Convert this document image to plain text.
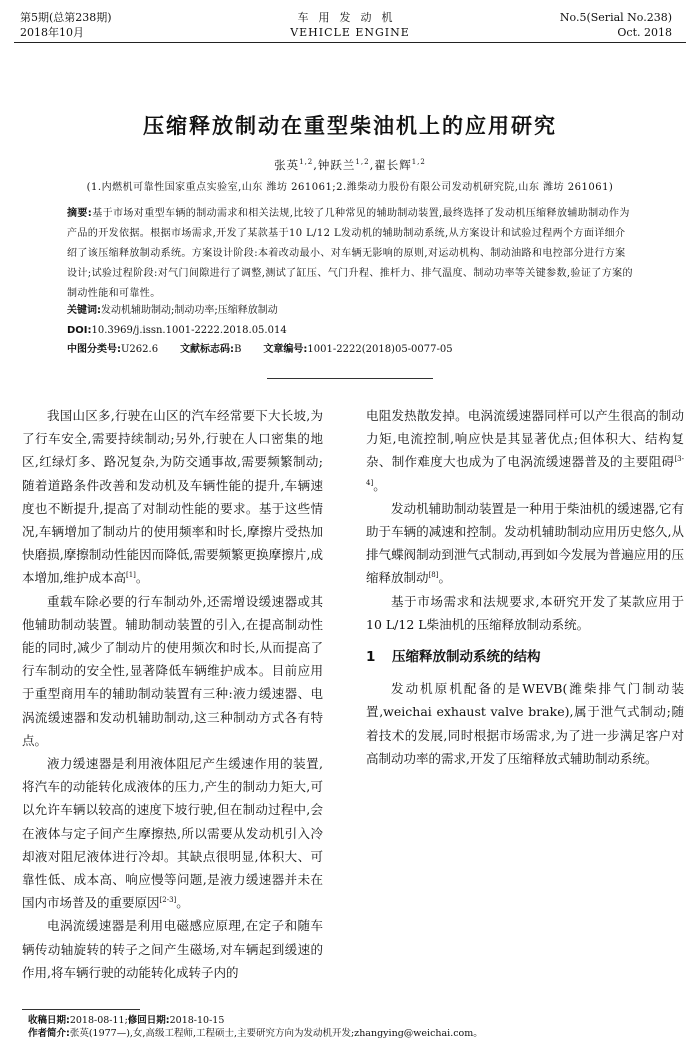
第5期(总第238期)
2018年10月
车用发动机
VEHICLE ENGINE
No.5(Serial No.238)
Oct. 2018
压缩释放制动在重型柴油机上的应用研究
张英$^{1,2}$,钟跃兰$^{1,2}$,翟长辉$^{1,2}$
(1.内燃机可靠性国家重点实验室,山东 潍坊 261061;2.潍柴动力股份有限公司发动机研究院,山东 潍坊 261061)
摘要:基于市场对重型车辆的制动需求和相关法规,比较了几种常见的辅助制动装置,最终选择了发动机压缩释放辅助制动作为产品的开发依据。根据市场需求,开发了某款基于10 L/12 L发动机的辅助制动系统,从方案设计和试验过程两个方面详细介绍了该压缩释放制动系统。方案设计阶段:本着改动最小、对车辆无影响的原则,对运动机构、制动油路和电控部分进行方案设计;试验过程阶段:对气门间隙进行了调整,测试了缸压、气门升程、推杆力、排气温度、制动功率等关键参数,验证了方案的制动性能和可靠性。
关键词:发动机辅助制动;制动功率;压缩释放制动
DOI:10.3969/j.issn.1001-2222.2018.05.014
中图分类号:U262.6 文献标志码:B 文章编号:1001-2222(2018)05-0077-05

我国山区多,行驶在山区的汽车经常要下大长坡,为了行车安全,需要持续制动;另外,行驶在人口密集的地区,红绿灯多、路况复杂,为防交通事故,需要频繁制动;随着道路条件改善和发动机及车辆性能的提升,车辆速度也不断提升,提高了对制动性能的要求。基于这些情况,车辆增加了制动片的使用频率和时长,摩擦片受热加快磨损,摩擦制动性能因而降低,需要频繁更换摩擦片,成本增加,维护成本高[1]。

重载车除必要的行车制动外,还需增设缓速器或其他辅助制动装置。辅助制动装置的引入,在提高制动性能的同时,减少了制动片的使用频次和时长,从而提高了行车制动的安全性,显著降低车辆维护成本。目前应用于重型商用车的辅助制动装置有三种:液力缓速器、电涡流缓速器和发动机辅助制动,这三种制动方式各有特点。

液力缓速器是利用液体阻尼产生缓速作用的装置,将汽车的动能转化成液体的压力,产生的制动力矩大,可以允许车辆以较高的速度下坡行驶,但在制动过程中,会在液体与定子间产生摩擦热,所以需要从发动机引入冷却液对阻尼液体进行冷却。其缺点很明显,体积大、可靠性低、成本高、响应慢等问题,是液力缓速器并未在国内市场普及的重要原因[2-3]。

电涡流缓速器是利用电磁感应原理,在定子和随车辆传动轴旋转的转子之间产生磁场,对车辆起到缓速的作用,将车辆行驶的动能转化成转子内的

电阻发热散发掉。电涡流缓速器同样可以产生很高的制动力矩,电流控制,响应快是其显著优点;但体积大、结构复杂、制作难度大也成为了电涡流缓速器普及的主要阻碍[3-4]。

发动机辅助制动装置是一种用于柴油机的缓速器,它有助于车辆的减速和控制。发动机辅助制动应用历史悠久,从排气蝶阀制动到泄气式制动,再到如今发展为普遍应用的压缩释放制动[8]。

基于市场需求和法规要求,本研究开发了某款应用于10 L/12 L柴油机的压缩释放制动系统。

1 压缩释放制动系统的结构

发动机原机配备的是WEVB(潍柴排气门制动装置,weichai exhaust valve brake),属于泄气式制动;随着技术的发展,同时根据市场需求,为了进一步满足客户对高制动功率的需求,开发了压缩释放式辅助制动系统。

收稿日期:2018-08-11;修回日期:2018-10-15
作者简介:张英(1977—),女,高级工程师,工程硕士,主要研究方向为发动机开发;zhangying@weichai.com。
